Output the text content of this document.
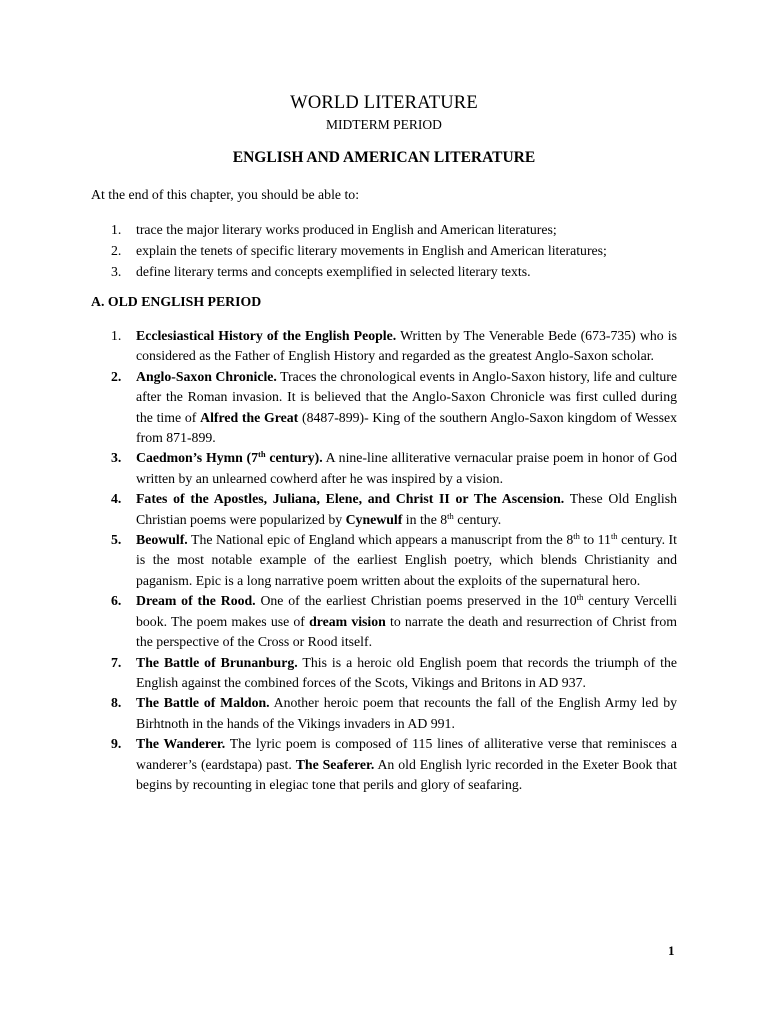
WORLD LITERATURE
MIDTERM PERIOD
ENGLISH AND AMERICAN LITERATURE
At the end of this chapter, you should be able to:
1.	trace the major literary works produced in English and American literatures;
2.	explain the tenets of specific literary movements in English and American literatures;
3.	define literary terms and concepts exemplified in selected literary texts.
A. OLD ENGLISH PERIOD
1.	Ecclesiastical History of the English People. Written by The Venerable Bede (673-735) who is considered as the Father of English History and regarded as the greatest Anglo-Saxon scholar.
2.	Anglo-Saxon Chronicle. Traces the chronological events in Anglo-Saxon history, life and culture after the Roman invasion. It is believed that the Anglo-Saxon Chronicle was first culled during the time of Alfred the Great (8487-899)- King of the southern Anglo-Saxon kingdom of Wessex from 871-899.
3.	Caedmon’s Hymn (7th century). A nine-line alliterative vernacular praise poem in honor of God written by an unlearned cowherd after he was inspired by a vision.
4.	Fates of the Apostles, Juliana, Elene, and Christ II or The Ascension. These Old English Christian poems were popularized by Cynewulf in the 8th century.
5.	Beowulf. The National epic of England which appears a manuscript from the 8th to 11th century. It is the most notable example of the earliest English poetry, which blends Christianity and paganism. Epic is a long narrative poem written about the exploits of the supernatural hero.
6.	Dream of the Rood. One of the earliest Christian poems preserved in the 10th century Vercelli book. The poem makes use of dream vision to narrate the death and resurrection of Christ from the perspective of the Cross or Rood itself.
7.	The Battle of Brunanburg. This is a heroic old English poem that records the triumph of the English against the combined forces of the Scots, Vikings and Britons in AD 937.
8.	The Battle of Maldon. Another heroic poem that recounts the fall of the English Army led by Birhtnoth in the hands of the Vikings invaders in AD 991.
9.	The Wanderer. The lyric poem is composed of 115 lines of alliterative verse that reminisces a wanderer’s (eardstapa) past. The Seaferer. An old English lyric recorded in the Exeter Book that begins by recounting in elegiac tone that perils and glory of seafaring.
1
